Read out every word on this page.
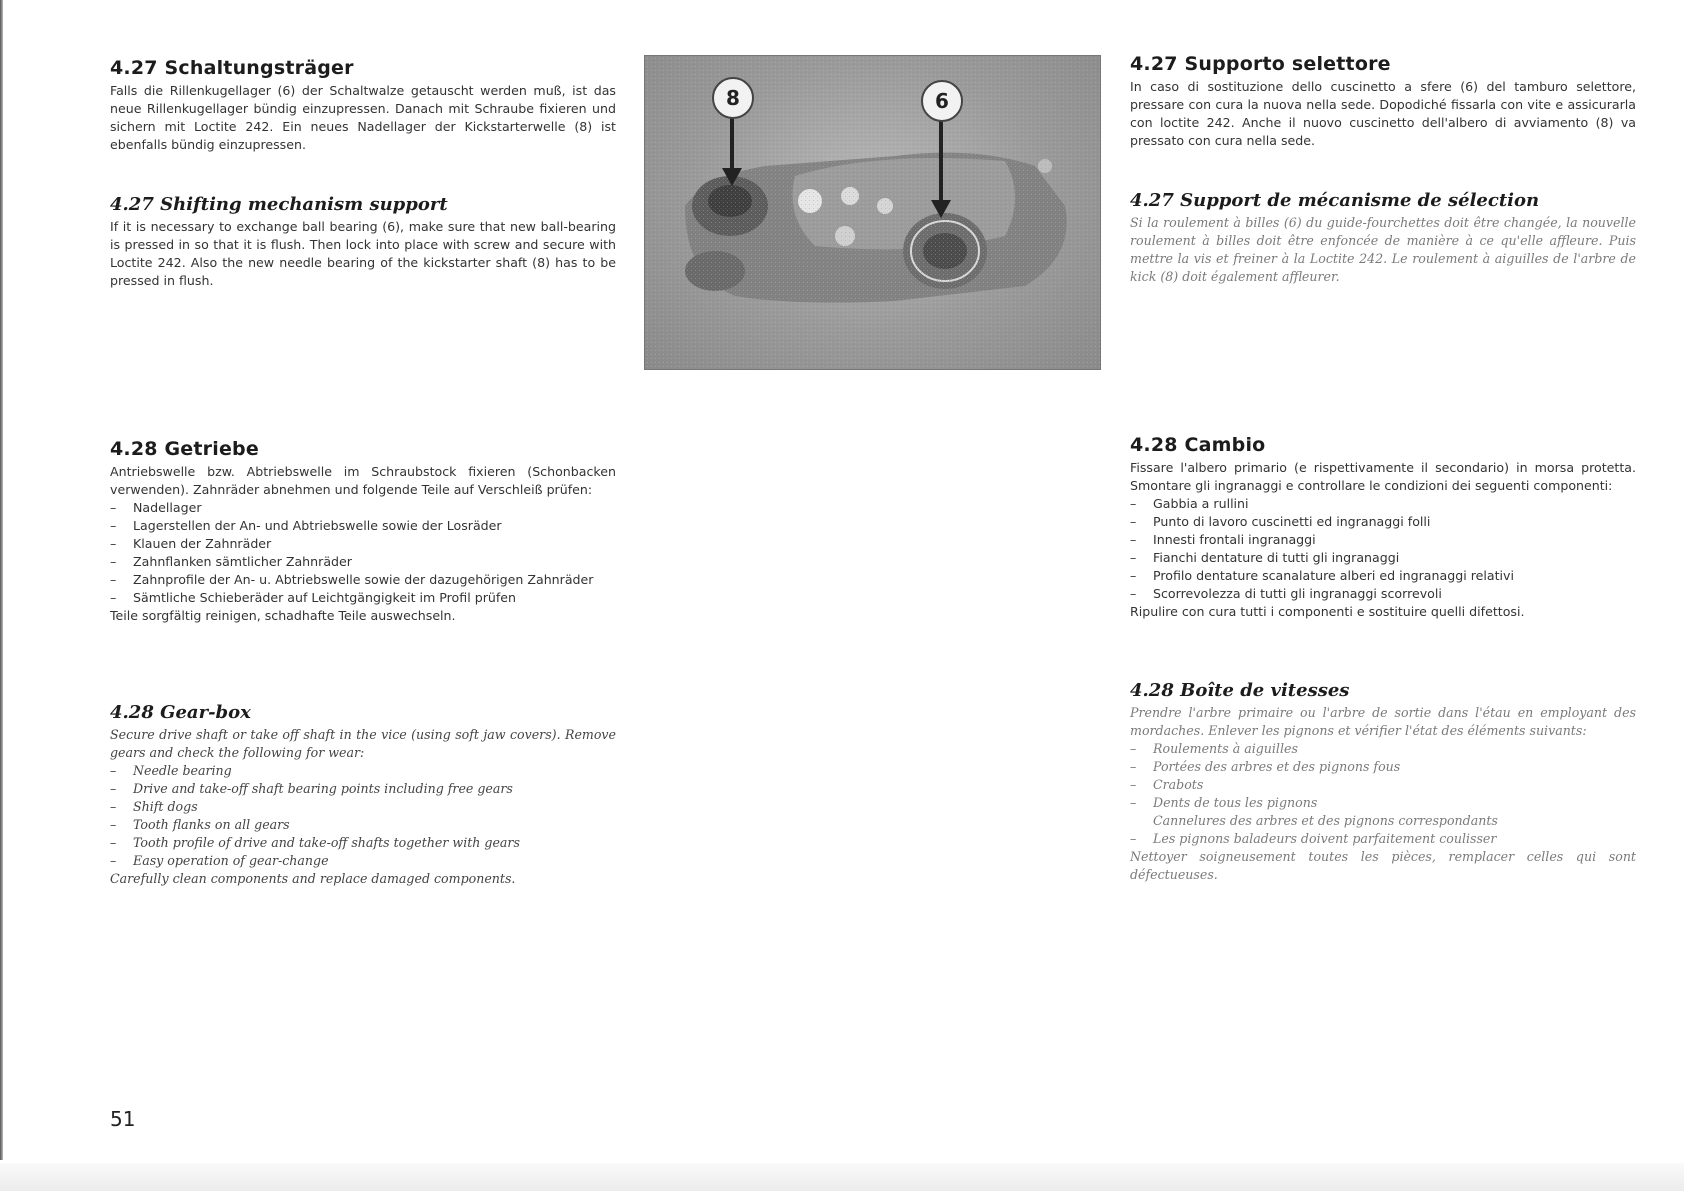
4.27 Schaltungsträger

Falls die Rillenkugellager (6) der Schaltwalze getauscht werden muß, ist das neue Rillenkugellager bündig einzupressen. Danach mit Schraube fixieren und sichern mit Loctite 242. Ein neues Nadellager der Kickstarterwelle (8) ist ebenfalls bündig einzupressen.

4.27 Shifting mechanism support

If it is necessary to exchange ball bearing (6), make sure that new ball-bearing is pressed in so that it is flush. Then lock into place with screw and secure with Loctite 242. Also the new needle bearing of the kickstarter shaft (8) has to be pressed in flush.

8	6
4.27 Supporto selettore

In caso di sostituzione dello cuscinetto a sfere (6) del tamburo selettore, pressare con cura la nuova nella sede. Dopodiché fissarla con vite e assicurarla con loctite 242. Anche il nuovo cuscinetto dell'albero di avviamento (8) va pressato con cura nella sede.

4.27 Support de mécanisme de sélection

Si la roulement à billes (6) du guide-fourchettes doit être changée, la nouvelle roulement à billes doit être enfoncée de manière à ce qu'elle affleure. Puis mettre la vis et freiner à la Loctite 242. Le roulement à aiguilles de l'arbre de kick (8) doit également affleurer.

4.28 Getriebe

Antriebswelle bzw. Abtriebswelle im Schraubstock fixieren (Schonbacken verwenden). Zahnräder abnehmen und folgende Teile auf Verschleiß prüfen:

– Nadellager
– Lagerstellen der An- und Abtriebswelle sowie der Losräder
– Klauen der Zahnräder
– Zahnflanken sämtlicher Zahnräder
– Zahnprofile der An- u. Abtriebswelle sowie der dazugehörigen Zahnräder
– Sämtliche Schieberäder auf Leichtgängigkeit im Profil prüfen

Teile sorgfältig reinigen, schadhafte Teile auswechseln.

4.28 Gear-box

Secure drive shaft or take off shaft in the vice (using soft jaw covers). Remove gears and check the following for wear:

– Needle bearing
– Drive and take-off shaft bearing points including free gears
– Shift dogs
– Tooth flanks on all gears
– Tooth profile of drive and take-off shafts together with gears
– Easy operation of gear-change

Carefully clean components and replace damaged components.

4.28 Cambio

Fissare l'albero primario (e rispettivamente il secondario) in morsa protetta. Smontare gli ingranaggi e controllare le condizioni dei seguenti componenti:

– Gabbia a rullini
– Punto di lavoro cuscinetti ed ingranaggi folli
– Innesti frontali ingranaggi
– Fianchi dentature di tutti gli ingranaggi
– Profilo dentature scanalature alberi ed ingranaggi relativi
– Scorrevolezza di tutti gli ingranaggi scorrevoli

Ripulire con cura tutti i componenti e sostituire quelli difettosi.

4.28 Boîte de vitesses

Prendre l'arbre primaire ou l'arbre de sortie dans l'étau en employant des mordaches. Enlever les pignons et vérifier l'état des éléments suivants:

– Roulements à aiguilles
– Portées des arbres et des pignons fous
– Crabots
– Dents de tous les pignons
Cannelures des arbres et des pignons correspondants
– Les pignons baladeurs doivent parfaitement coulisser

Nettoyer soigneusement toutes les pièces, remplacer celles qui sont défectueuses.

51
